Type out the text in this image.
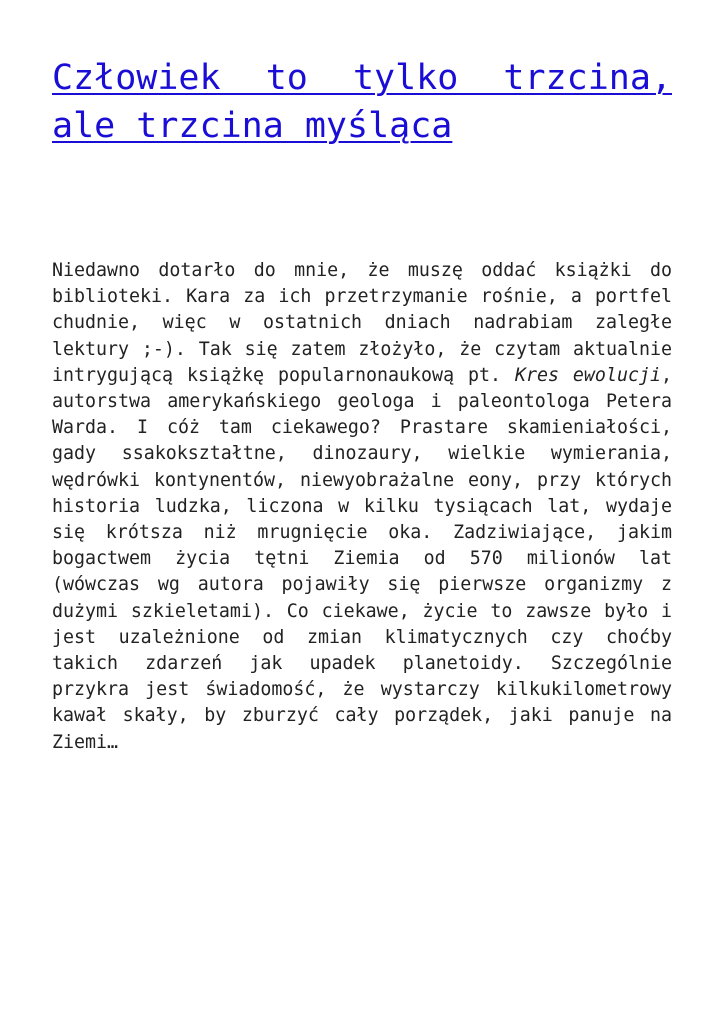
Człowiek to tylko trzcina,
ale trzcina myśląca

Niedawno dotarło do mnie, że muszę oddać książki do biblioteki. Kara za ich przetrzymanie rośnie, a portfel chudnie, więc w ostatnich dniach nadrabiam zaległe lektury ;-). Tak się zatem złożyło, że czytam aktualnie intrygującą książkę popularnonaukową pt. Kres ewolucji, autorstwa amerykańskiego geologa i paleontologa Petera Warda. I cóż tam ciekawego? Prastare skamieniałości, gady ssakokształtne, dinozaury, wielkie wymierania, wędrówki kontynentów, niewyobrażalne eony, przy których historia ludzka, liczona w kilku tysiącach lat, wydaje się krótsza niż mrugnięcie oka. Zadziwiające, jakim bogactwem życia tętni Ziemia od 570 milionów lat (wówczas wg autora pojawiły się pierwsze organizmy z dużymi szkieletami). Co ciekawe, życie to zawsze było i jest uzależnione od zmian klimatycznych czy choćby takich zdarzeń jak upadek planetoidy. Szczególnie przykra jest świadomość, że wystarczy kilkukilometrowy kawał skały, by zburzyć cały porządek, jaki panuje na Ziemi…
